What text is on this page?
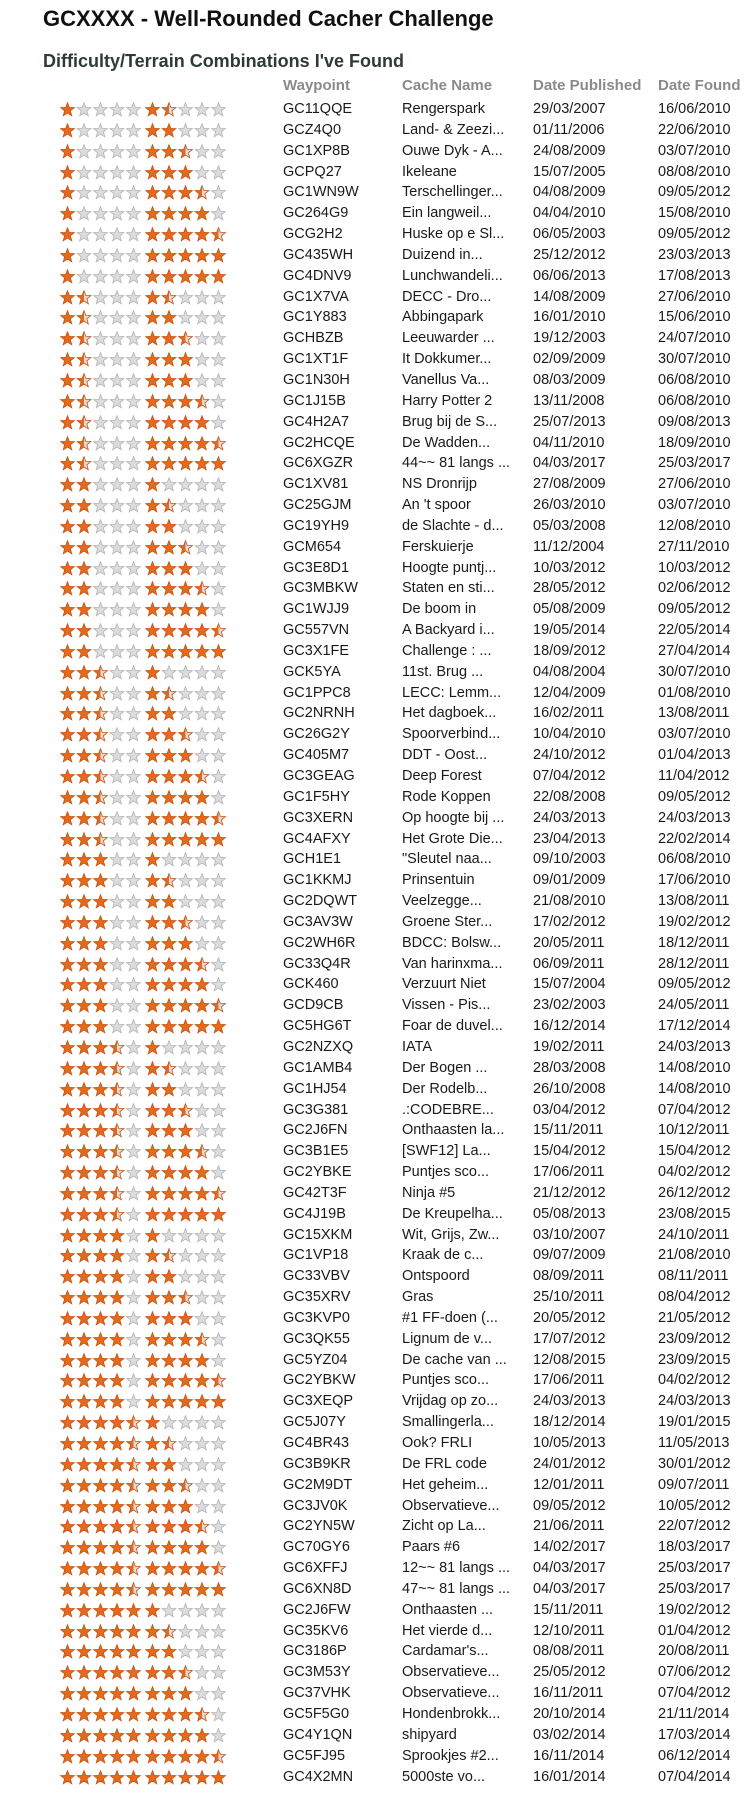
GCXXXX - Well-Rounded Cacher Challenge
Difficulty/Terrain Combinations I've Found
Waypoint	Cache Name	Date Published Date Found
GC11QQE	Rengerspark	29/03/2007	16/06/2010
GCZ4Q0	Land- & Zeezi...	01/11/2006	22/06/2010
GC1XP8B	Ouwe Dyk - A...	24/08/2009	03/07/2010
GCPQ27	Ikeleane	15/07/2005	08/08/2010
GC1WN9W	Terschellinger...	04/08/2009	09/05/2012
GC264G9	Ein langweil...	04/04/2010	15/08/2010
GCG2H2	Huske op e Sl...	06/05/2003	09/05/2012
GC435WH	Duizend in...	25/12/2012	23/03/2013
GC4DNV9	Lunchwandeli...	06/06/2013	17/08/2013
GC1X7VA	DECC - Dro...	14/08/2009	27/06/2010
GC1Y883	Abbingapark	16/01/2010	15/06/2010
GCHBZB	Leeuwarder ...	19/12/2003	24/07/2010
GC1XT1F	It Dokkumer...	02/09/2009	30/07/2010
GC1N30H	Vanellus Va...	08/03/2009	06/08/2010
GC1J15B	Harry Potter 2	13/11/2008	06/08/2010
GC4H2A7	Brug bij de S...	25/07/2013	09/08/2013
GC2HCQE	De Wadden...	04/11/2010	18/09/2010
GC6XGZR	44~~ 81 langs ...	04/03/2017	25/03/2017
GC1XV81	NS Dronrijp	27/08/2009	27/06/2010
GC25GJM	An 't spoor	26/03/2010	03/07/2010
GC19YH9	de Slachte - d...	05/03/2008	12/08/2010
GCM654	Ferskuierje	11/12/2004	27/11/2010
GC3E8D1	Hoogte puntj...	10/03/2012	10/03/2012
GC3MBKW	Staten en sti...	28/05/2012	02/06/2012
GC1WJJ9	De boom in	05/08/2009	09/05/2012
GC557VN	A Backyard i...	19/05/2014	22/05/2014
GC3X1FE	Challenge : ...	18/09/2012	27/04/2014
GCK5YA	11st. Brug ...	04/08/2004	30/07/2010
GC1PPC8	LECC: Lemm...	12/04/2009	01/08/2010
GC2NRNH	Het dagboek...	16/02/2011	13/08/2011
GC26G2Y	Spoorverbind...	10/04/2010	03/07/2010
GC405M7	DDT - Oost...	24/10/2012	01/04/2013
GC3GEAG	Deep Forest	07/04/2012	11/04/2012
GC1F5HY	Rode Koppen	22/08/2008	09/05/2012
GC3XERN	Op hoogte bij ...	24/03/2013	24/03/2013
GC4AFXY	Het Grote Die...	23/04/2013	22/02/2014
GCH1E1	"Sleutel naa...	09/10/2003	06/08/2010
GC1KKMJ	Prinsentuin	09/01/2009	17/06/2010
GC2DQWT	Veelzegge...	21/08/2010	13/08/2011
GC3AV3W	Groene Ster...	17/02/2012	19/02/2012
GC2WH6R	BDCC: Bolsw...	20/05/2011	18/12/2011
GC33Q4R	Van harinxma...	06/09/2011	28/12/2011
GCK460	Verzuurt Niet	15/07/2004	09/05/2012
GCD9CB	Vissen - Pis...	23/02/2003	24/05/2011
GC5HG6T	Foar de duvel...	16/12/2014	17/12/2014
GC2NZXQ	IATA	19/02/2011	24/03/2013
GC1AMB4	Der Bogen ...	28/03/2008	14/08/2010
GC1HJ54	Der Rodelb...	26/10/2008	14/08/2010
GC3G381	.:CODEBRE...	03/04/2012	07/04/2012
GC2J6FN	Onthaasten la...	15/11/2011	10/12/2011
GC3B1E5	[SWF12] La...	15/04/2012	15/04/2012
GC2YBKE	Puntjes sco...	17/06/2011	04/02/2012
GC42T3F	Ninja #5	21/12/2012	26/12/2012
GC4J19B	De Kreupelha...	05/08/2013	23/08/2015
GC15XKM	Wit, Grijs, Zw...	03/10/2007	24/10/2011
GC1VP18	Kraak de c...	09/07/2009	21/08/2010
GC33VBV	Ontspoord	08/09/2011	08/11/2011
GC35XRV	Gras	25/10/2011	08/04/2012
GC3KVP0	#1 FF-doen (...	20/05/2012	21/05/2012
GC3QK55	Lignum de v...	17/07/2012	23/09/2012
GC5YZ04	De cache van ...	12/08/2015	23/09/2015
GC2YBKW	Puntjes sco...	17/06/2011	04/02/2012
GC3XEQP	Vrijdag op zo...	24/03/2013	24/03/2013
GC5J07Y	Smallingerla...	18/12/2014	19/01/2015
GC4BR43	Ook? FRLI	10/05/2013	11/05/2013
GC3B9KR	De FRL code	24/01/2012	30/01/2012
GC2M9DT	Het geheim...	12/01/2011	09/07/2011
GC3JV0K	Observatieve...	09/05/2012	10/05/2012
GC2YN5W	Zicht op La...	21/06/2011	22/07/2012
GC70GY6	Paars #6	14/02/2017	18/03/2017
GC6XFFJ	12~~ 81 langs ...	04/03/2017	25/03/2017
GC6XN8D	47~~ 81 langs ...	04/03/2017	25/03/2017
GC2J6FW	Onthaasten ...	15/11/2011	19/02/2012
GC35KV6	Het vierde d...	12/10/2011	01/04/2012
GC3186P	Cardamar's...	08/08/2011	20/08/2011
GC3M53Y	Observatieve...	25/05/2012	07/06/2012
GC37VHK	Observatieve...	16/11/2011	07/04/2012
GC5F5G0	Hondenbrokk...	20/10/2014	21/11/2014
GC4Y1QN	shipyard	03/02/2014	17/03/2014
GC5FJ95	Sprookjes #2...	16/11/2014	06/12/2014
GC4X2MN	5000ste vo...	16/01/2014	07/04/2014
